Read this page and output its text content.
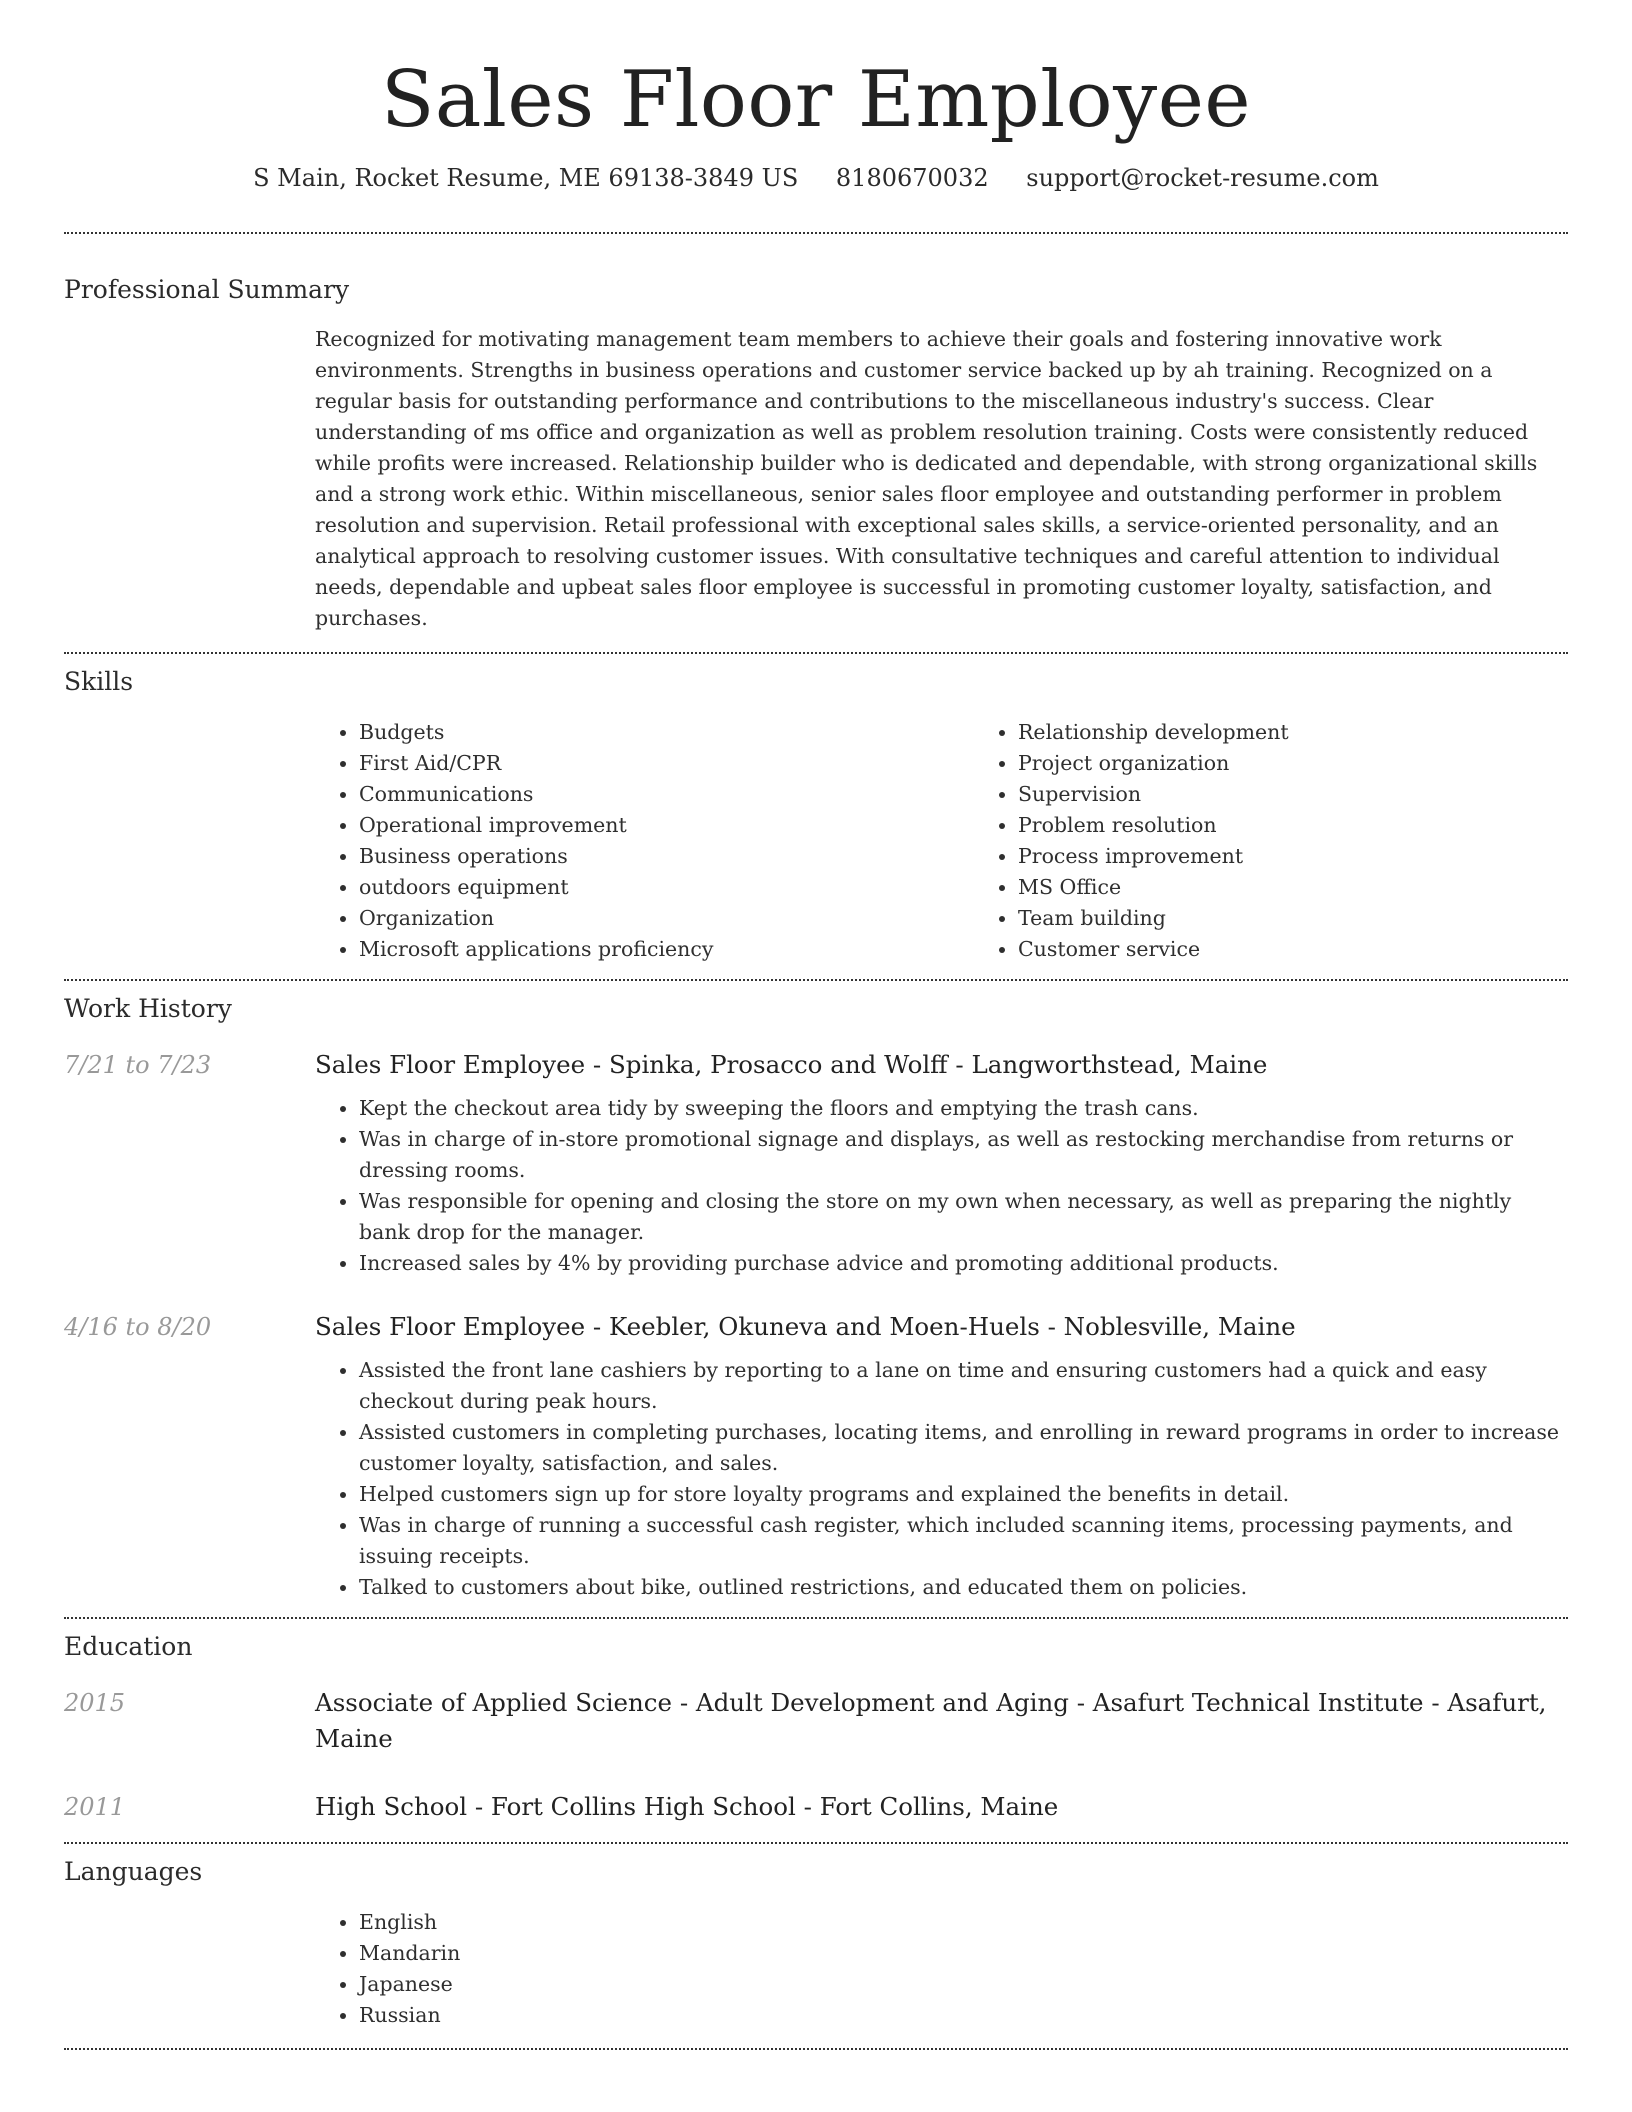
Sales Floor Employee
S Main, Rocket Resume, ME 69138-3849 US 8180670032 support@rocket-resume.com
Professional Summary
Recognized for motivating management team members to achieve their goals and fostering innovative work environments. Strengths in business operations and customer service backed up by ah training. Recognized on a regular basis for outstanding performance and contributions to the miscellaneous industry's success. Clear understanding of ms office and organization as well as problem resolution training. Costs were consistently reduced while profits were increased. Relationship builder who is dedicated and dependable, with strong organizational skills and a strong work ethic. Within miscellaneous, senior sales floor employee and outstanding performer in problem resolution and supervision. Retail professional with exceptional sales skills, a service-oriented personality, and an analytical approach to resolving customer issues. With consultative techniques and careful attention to individual needs, dependable and upbeat sales floor employee is successful in promoting customer loyalty, satisfaction, and purchases.
Skills
• Budgets
• First Aid/CPR
• Communications
• Operational improvement
• Business operations
• outdoors equipment
• Organization
• Microsoft applications proficiency
• Relationship development
• Project organization
• Supervision
• Problem resolution
• Process improvement
• MS Office
• Team building
• Customer service
Work History
7/21 to 7/23	Sales Floor Employee - Spinka, Prosacco and Wolff - Langworthstead, Maine
• Kept the checkout area tidy by sweeping the floors and emptying the trash cans.
• Was in charge of in-store promotional signage and displays, as well as restocking merchandise from returns or dressing rooms.
• Was responsible for opening and closing the store on my own when necessary, as well as preparing the nightly bank drop for the manager.
• Increased sales by 4% by providing purchase advice and promoting additional products.
4/16 to 8/20	Sales Floor Employee - Keebler, Okuneva and Moen-Huels - Noblesville, Maine
• Assisted the front lane cashiers by reporting to a lane on time and ensuring customers had a quick and easy checkout during peak hours.
• Assisted customers in completing purchases, locating items, and enrolling in reward programs in order to increase customer loyalty, satisfaction, and sales.
• Helped customers sign up for store loyalty programs and explained the benefits in detail.
• Was in charge of running a successful cash register, which included scanning items, processing payments, and issuing receipts.
• Talked to customers about bike, outlined restrictions, and educated them on policies.
Education
2015	Associate of Applied Science - Adult Development and Aging - Asafurt Technical Institute - Asafurt, Maine
2011	High School - Fort Collins High School - Fort Collins, Maine
Languages
• English
• Mandarin
• Japanese
• Russian
